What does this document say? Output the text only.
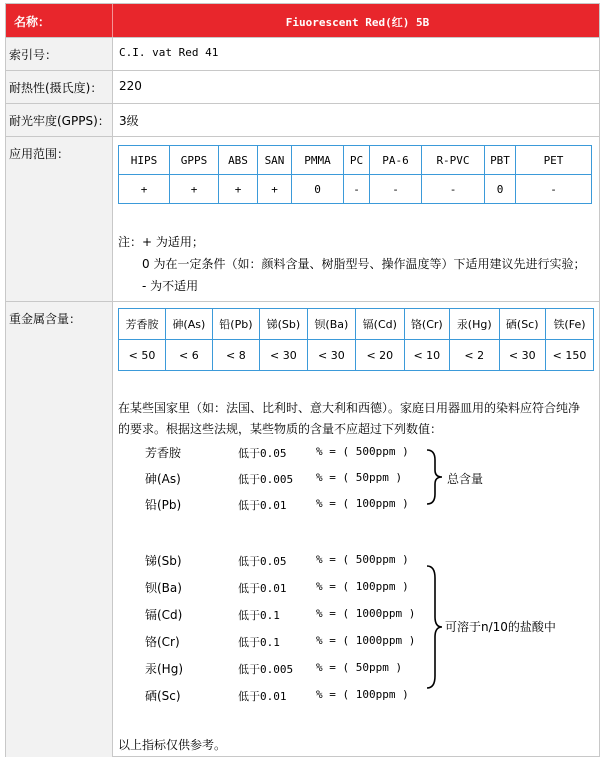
名称：	Fiuorescent Red(红) 5B
索引号：	C.I. vat Red 41
耐热性(摄氏度)： 220
耐光牢度(GPPS)： 3级
应用范围：	HIPS	GPPS	ABS	SAN	PMMA	PC	PA-6	R-PVC	PBT	PET
+	+	+	+	0	-	-	-	0	-
注：+ 为适用；
0 为在一定条件（如：颜料含量、树脂型号、操作温度等）下适用建议先进行实验；
- 为不适用
重金属含量：	芳香胺	砷(As)	铅(Pb)	锑(Sb)	钡(Ba)	镉(Cd)	铬(Cr)	汞(Hg)	硒(Sc)	铁(Fe)
< 50	< 6	< 8	< 30	< 30	< 20	< 10	< 2	< 30	< 150
在某些国家里（如：法国、比利时、意大利和西德）。家庭日用器皿用的染料应符合纯净的要求。根据这些法规，某些物质的含量不应超过下列数值：
芳香胺	低于0.05	% = ( 500ppm )
砷(As)	低于0.005 % = ( 50ppm )
铅(Pb)	低于0.01	% = ( 100ppm )
总含量
锑(Sb)	低于0.05	% = ( 500ppm )
钡(Ba)	低于0.01	% = ( 100ppm )
镉(Cd)	低于0.1	% = ( 1000ppm )
铬(Cr)	低于0.1	% = ( 1000ppm )
汞(Hg)	低于0.005 % = ( 50ppm )
硒(Sc)	低于0.01	% = ( 100ppm )
可溶于n/10的盐酸中
以上指标仅供参考。
